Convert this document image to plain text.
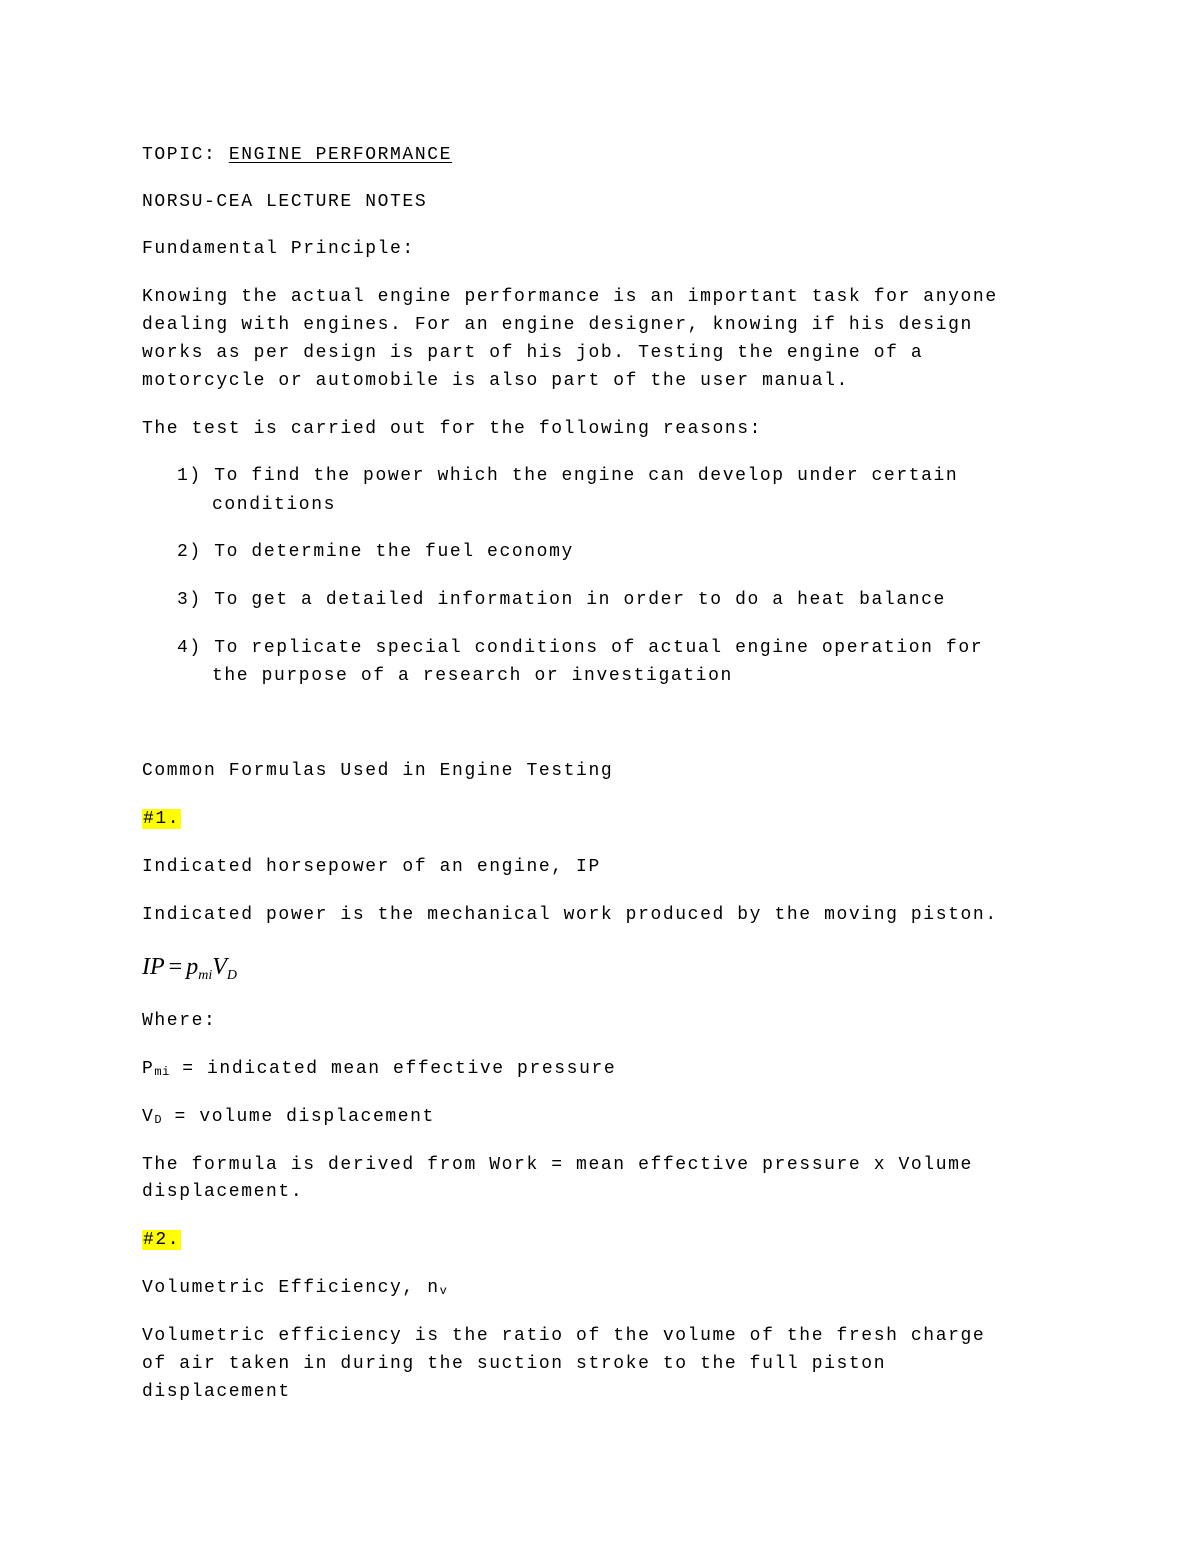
TOPIC: ENGINE PERFORMANCE

NORSU-CEA LECTURE NOTES

Fundamental Principle:

Knowing the actual engine performance is an important task for anyone

dealing with engines. For an engine designer, knowing if his design

works as per design is part of his job. Testing the engine of a

motorcycle or automobile is also part of the user manual.

The test is carried out for the following reasons:

1) To find the power which the engine can develop under certain

conditions

2) To determine the fuel economy

3) To get a detailed information in order to do a heat balance

4) To replicate special conditions of actual engine operation for

the purpose of a research or investigation

Common Formulas Used in Engine Testing

#1.

Indicated horsepower of an engine, IP

Indicated power is the mechanical work produced by the moving piston.

IP = $p_{mi}V_D$

Where:

$P_{mi}$ = indicated mean effective pressure

$V_D$ = volume displacement

The formula is derived from Work = mean effective pressure x Volume

displacement.

#2.

Volumetric Efficiency, $n_v$

Volumetric efficiency is the ratio of the volume of the fresh charge

of air taken in during the suction stroke to the full piston

displacement
